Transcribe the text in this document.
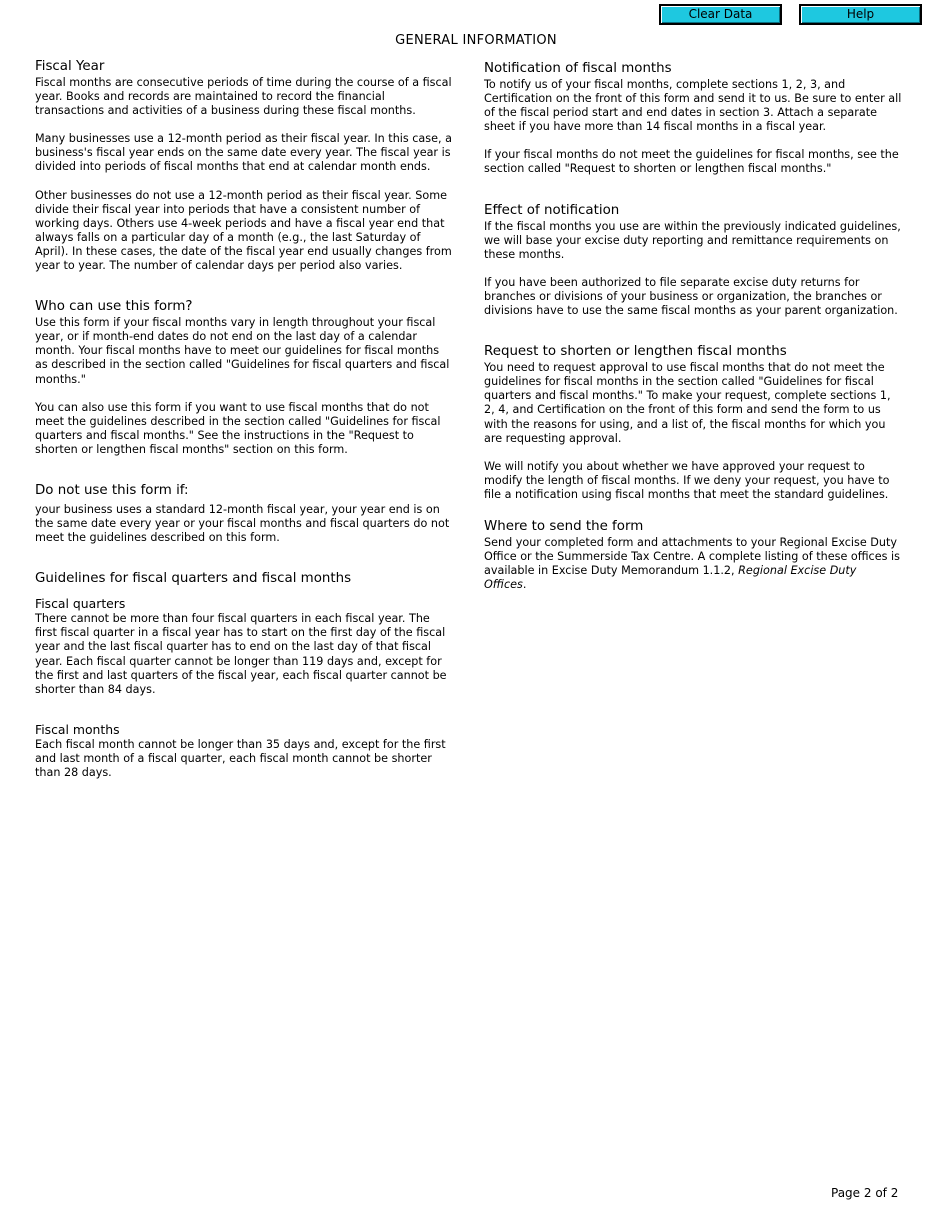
Clear Data	Help
GENERAL INFORMATION
Fiscal Year

Fiscal months are consecutive periods of time during the course of a fiscal year. Books and records are maintained to record the financial transactions and activities of a business during these fiscal months.

Many businesses use a 12-month period as their fiscal year. In this case, a business's fiscal year ends on the same date every year. The fiscal year is divided into periods of fiscal months that end at calendar month ends.

Other businesses do not use a 12-month period as their fiscal year. Some divide their fiscal year into periods that have a consistent number of working days. Others use 4-week periods and have a fiscal year end that always falls on a particular day of a month (e.g., the last Saturday of April). In these cases, the date of the fiscal year end usually changes from year to year. The number of calendar days per period also varies.

Who can use this form?

Use this form if your fiscal months vary in length throughout your fiscal year, or if month-end dates do not end on the last day of a calendar month. Your fiscal months have to meet our guidelines for fiscal months as described in the section called "Guidelines for fiscal quarters and fiscal months."

You can also use this form if you want to use fiscal months that do not meet the guidelines described in the section called "Guidelines for fiscal quarters and fiscal months." See the instructions in the "Request to shorten or lengthen fiscal months" section on this form.

Do not use this form if:

your business uses a standard 12-month fiscal year, your year end is on the same date every year or your fiscal months and fiscal quarters do not meet the guidelines described on this form.

Guidelines for fiscal quarters and fiscal months
Fiscal quarters

There cannot be more than four fiscal quarters in each fiscal year. The first fiscal quarter in a fiscal year has to start on the first day of the fiscal year and the last fiscal quarter has to end on the last day of that fiscal year. Each fiscal quarter cannot be longer than 119 days and, except for the first and last quarters of the fiscal year, each fiscal quarter cannot be shorter than 84 days.

Fiscal months

Each fiscal month cannot be longer than 35 days and, except for the first and last month of a fiscal quarter, each fiscal month cannot be shorter than 28 days.

Notification of fiscal months

To notify us of your fiscal months, complete sections 1, 2, 3, and Certification on the front of this form and send it to us. Be sure to enter all of the fiscal period start and end dates in section 3. Attach a separate sheet if you have more than 14 fiscal months in a fiscal year.

If your fiscal months do not meet the guidelines for fiscal months, see the section called "Request to shorten or lengthen fiscal months."

Effect of notification

If the fiscal months you use are within the previously indicated guidelines, we will base your excise duty reporting and remittance requirements on these months.

If you have been authorized to file separate excise duty returns for branches or divisions of your business or organization, the branches or divisions have to use the same fiscal months as your parent organization.

Request to shorten or lengthen fiscal months

You need to request approval to use fiscal months that do not meet the guidelines for fiscal months in the section called "Guidelines for fiscal quarters and fiscal months." To make your request, complete sections 1, 2, 4, and Certification on the front of this form and send the form to us with the reasons for using, and a list of, the fiscal months for which you are requesting approval.

We will notify you about whether we have approved your request to modify the length of fiscal months. If we deny your request, you have to file a notification using fiscal months that meet the standard guidelines.

Where to send the form

Send your completed form and attachments to your Regional Excise Duty Office or the Summerside Tax Centre. A complete listing of these offices is available in Excise Duty Memorandum 1.1.2, Regional Excise Duty Offices.

Page 2 of 2
